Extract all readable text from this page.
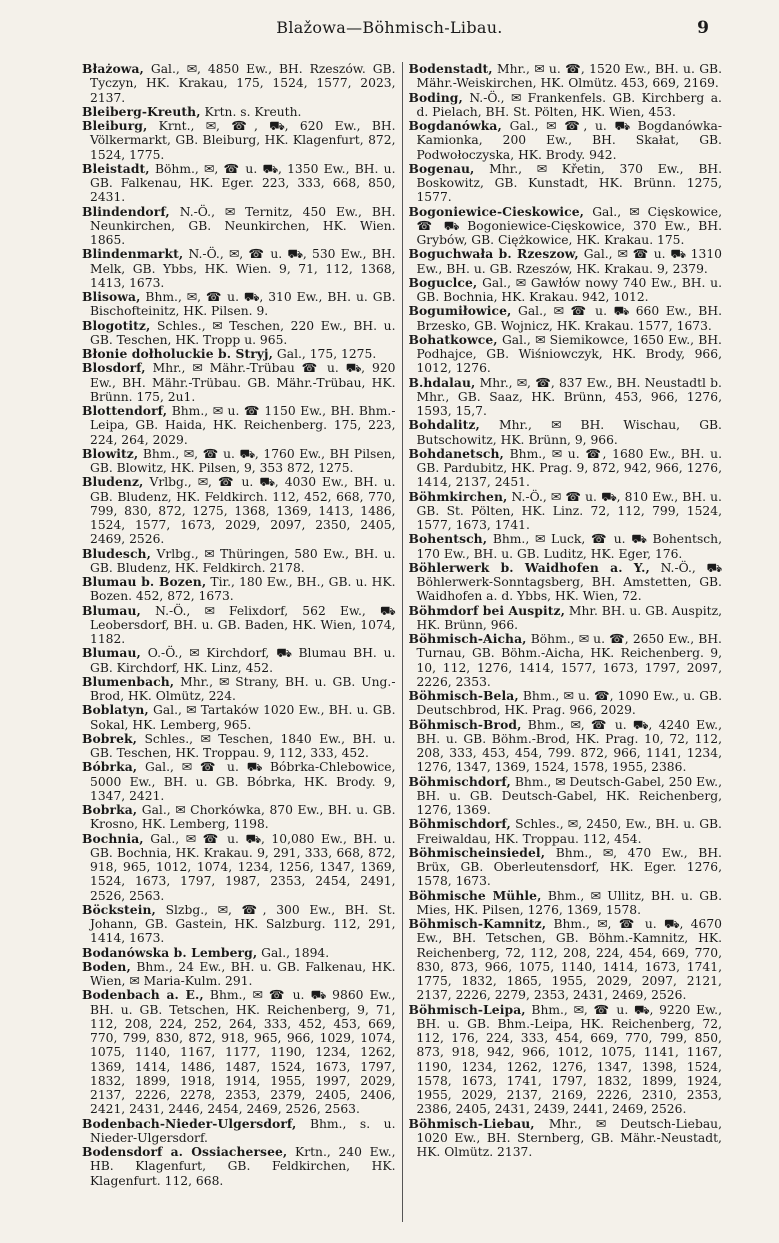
Blažowa—Böhmisch-Libau.	9

Błażowa, Gal., ✉, 4850 Ew., BH. Rzeszów. GB. Tyczyn, HK. Krakau, 175, 1524, 1577, 2023, 2137.

Bleiberg-Kreuth, Krtn. s. Kreuth.

Bleiburg, Krnt., ✉, ☎, ⛟, 620 Ew., BH. Völkermarkt, GB. Bleiburg, HK. Klagenfurt, 872, 1524, 1775.

Bleistadt, Böhm., ✉, ☎ u. ⛟, 1350 Ew., BH. u. GB. Falkenau, HK. Eger. 223, 333, 668, 850, 2431.

Blindendorf, N.-Ö., ✉ Ternitz, 450 Ew., BH. Neunkirchen, GB. Neunkirchen, HK. Wien. 1865.

Blindenmarkt, N.-Ö., ✉, ☎ u. ⛟, 530 Ew., BH. Melk, GB. Ybbs, HK. Wien. 9, 71, 112, 1368, 1413, 1673.

Blisowa, Bhm., ✉, ☎ u. ⛟, 310 Ew., BH. u. GB. Bischofteinitz, HK. Pilsen. 9.

Blogotitz, Schles., ✉ Teschen, 220 Ew., BH. u. GB. Teschen, HK. Tropp u. 965.

Błonie dołholuckie b. Stryj, Gal., 175, 1275.

Blosdorf, Mhr., ✉ Mähr.-Trübau ☎ u. ⛟, 920 Ew., BH. Mähr.-Trübau. GB. Mähr.-Trübau, HK. Brünn. 175, 2u1.

Blottendorf, Bhm., ✉ u. ☎ 1150 Ew., BH. Bhm.-Leipa, GB. Haida, HK. Reichenberg. 175, 223, 224, 264, 2029.

Blowitz, Bhm., ✉, ☎ u. ⛟, 1760 Ew., BH Pilsen, GB. Blowitz, HK. Pilsen, 9, 353 872, 1275.

Bludenz, Vrlbg., ✉, ☎ u. ⛟, 4030 Ew., BH. u. GB. Bludenz, HK. Feldkirch. 112, 452, 668, 770, 799, 830, 872, 1275, 1368, 1369, 1413, 1486, 1524, 1577, 1673, 2029, 2097, 2350, 2405, 2469, 2526.

Bludesch, Vrlbg., ✉ Thüringen, 580 Ew., BH. u. GB. Bludenz, HK. Feldkirch. 2178.

Blumau b. Bozen, Tir., 180 Ew., BH., GB. u. HK. Bozen. 452, 872, 1673.

Blumau, N.-Ö., ✉ Felixdorf, 562 Ew., ⛟ Leobersdorf, BH. u. GB. Baden, HK. Wien, 1074, 1182.

Blumau, O.-Ö., ✉ Kirchdorf, ⛟ Blumau BH. u. GB. Kirchdorf, HK. Linz, 452.

Blumenbach, Mhr., ✉ Strany, BH. u. GB. Ung.-Brod, HK. Olmütz, 224.

Boblatyn, Gal., ✉ Tartaków 1020 Ew., BH. u. GB. Sokal, HK. Lemberg, 965.

Bobrek, Schles., ✉ Teschen, 1840 Ew., BH. u. GB. Teschen, HK. Troppau. 9, 112, 333, 452.

Bóbrka, Gal., ✉ ☎ u. ⛟ Bóbrka-Chlebowice, 5000 Ew., BH. u. GB. Bóbrka, HK. Brody. 9, 1347, 2421.

Bobrka, Gal., ✉ Chorkówka, 870 Ew., BH. u. GB. Krosno, HK. Lemberg, 1198.

Bochnia, Gal., ✉ ☎ u. ⛟, 10,080 Ew., BH. u. GB. Bochnia, HK. Krakau. 9, 291, 333, 668, 872, 918, 965, 1012, 1074, 1234, 1256, 1347, 1369, 1524, 1673, 1797, 1987, 2353, 2454, 2491, 2526, 2563.

Böckstein, Slzbg., ✉, ☎, 300 Ew., BH. St. Johann, GB. Gastein, HK. Salzburg. 112, 291, 1414, 1673.

Bodanówska b. Lemberg, Gal., 1894.

Boden, Bhm., 24 Ew., BH. u. GB. Falkenau, HK. Wien, ✉ Maria-Kulm. 291.

Bodenbach a. E., Bhm., ✉ ☎ u. ⛟ 9860 Ew., BH. u. GB. Tetschen, HK. Reichenberg, 9, 71, 112, 208, 224, 252, 264, 333, 452, 453, 669, 770, 799, 830, 872, 918, 965, 966, 1029, 1074, 1075, 1140, 1167, 1177, 1190, 1234, 1262, 1369, 1414, 1486, 1487, 1524, 1673, 1797, 1832, 1899, 1918, 1914, 1955, 1997, 2029, 2137, 2226, 2278, 2353, 2379, 2405, 2406, 2421, 2431, 2446, 2454, 2469, 2526, 2563.

Bodenbach-Nieder-Ulgersdorf, Bhm., s. u. Nieder-Ulgersdorf.

Bodensdorf a. Ossiachersee, Krtn., 240 Ew., HB. Klagenfurt, GB. Feldkirchen, HK. Klagenfurt. 112, 668.

Bodenstadt, Mhr., ✉ u. ☎, 1520 Ew., BH. u. GB. Mähr.-Weiskirchen, HK. Olmütz. 453, 669, 2169.

Boding, N.-Ö., ✉ Frankenfels. GB. Kirchberg a. d. Pielach, BH. St. Pölten, HK. Wien, 453.

Bogdanówka, Gal., ✉ ☎, u. ⛟ Bogdanówka-Kamionka, 200 Ew., BH. Skałat, GB. Podwołoczyska, HK. Brody. 942.

Bogenau, Mhr., ✉ Křetin, 370 Ew., BH. Boskowitz, GB. Kunstadt, HK. Brünn. 1275, 1577.

Bogoniewice-Cieskowice, Gal., ✉ Cięskowice, ☎ ⛟ Bogoniewice-Cięskowice, 370 Ew., BH. Grybów, GB. Ciężkowice, HK. Krakau. 175.

Boguchwała b. Rzeszow, Gal., ✉ ☎ u. ⛟ 1310 Ew., BH. u. GB. Rzeszów, HK. Krakau. 9, 2379.

Boguclce, Gal., ✉ Gawłów nowy 740 Ew., BH. u. GB. Bochnia, HK. Krakau. 942, 1012.

Bogumiłowice, Gal., ✉ ☎ u. ⛟ 660 Ew., BH. Brzesko, GB. Wojnicz, HK. Krakau. 1577, 1673.

Bohatkowce, Gal., ✉ Siemikowce, 1650 Ew., BH. Podhajce, GB. Wiśniowczyk, HK. Brody, 966, 1012, 1276.

B.hdalau, Mhr., ✉, ☎, 837 Ew., BH. Neustadtl b. Mhr., GB. Saaz, HK. Brünn, 453, 966, 1276, 1593, 15,7.

Bohdalitz, Mhr., ✉ BH. Wischau, GB. Butschowitz, HK. Brünn, 9, 966.

Bohdanetsch, Bhm., ✉ u. ☎, 1680 Ew., BH. u. GB. Pardubitz, HK. Prag. 9, 872, 942, 966, 1276, 1414, 2137, 2451.

Böhmkirchen, N.-Ö., ✉ ☎ u. ⛟, 810 Ew., BH. u. GB. St. Pölten, HK. Linz. 72, 112, 799, 1524, 1577, 1673, 1741.

Bohentsch, Bhm., ✉ Luck, ☎ u. ⛟ Bohentsch, 170 Ew., BH. u. GB. Luditz, HK. Eger, 176.

Böhlerwerk b. Waidhofen a. Y., N.-Ö., ⛟ Böhlerwerk-Sonntagsberg, BH. Amstetten, GB. Waidhofen a. d. Ybbs, HK. Wien, 72.

Böhmdorf bei Auspitz, Mhr. BH. u. GB. Auspitz, HK. Brünn, 966.

Böhmisch-Aicha, Böhm., ✉ u. ☎, 2650 Ew., BH. Turnau, GB. Böhm.-Aicha, HK. Reichenberg. 9, 10, 112, 1276, 1414, 1577, 1673, 1797, 2097, 2226, 2353.

Böhmisch-Bela, Bhm., ✉ u. ☎, 1090 Ew., u. GB. Deutschbrod, HK. Prag. 966, 2029.

Böhmisch-Brod, Bhm., ✉, ☎ u. ⛟, 4240 Ew., BH. u. GB. Böhm.-Brod, HK. Prag. 10, 72, 112, 208, 333, 453, 454, 799. 872, 966, 1141, 1234, 1276, 1347, 1369, 1524, 1578, 1955, 2386.

Böhmischdorf, Bhm., ✉ Deutsch-Gabel, 250 Ew., BH. u. GB. Deutsch-Gabel, HK. Reichenberg, 1276, 1369.

Böhmischdorf, Schles., ✉, 2450, Ew., BH. u. GB. Freiwaldau, HK. Troppau. 112, 454.

Böhmischeinsiedel, Bhm., ✉, 470 Ew., BH. Brüx, GB. Oberleutensdorf, HK. Eger. 1276, 1578, 1673.

Böhmische Mühle, Bhm., ✉ Ullitz, BH. u. GB. Mies, HK. Pilsen, 1276, 1369, 1578.

Böhmisch-Kamnitz, Bhm., ✉, ☎ u. ⛟, 4670 Ew., BH. Tetschen, GB. Böhm.-Kamnitz, HK. Reichenberg, 72, 112, 208, 224, 454, 669, 770, 830, 873, 966, 1075, 1140, 1414, 1673, 1741, 1775, 1832, 1865, 1955, 2029, 2097, 2121, 2137, 2226, 2279, 2353, 2431, 2469, 2526.

Böhmisch-Leipa, Bhm., ✉, ☎ u. ⛟, 9220 Ew., BH. u. GB. Bhm.-Leipa, HK. Reichenberg, 72, 112, 176, 224, 333, 454, 669, 770, 799, 850, 873, 918, 942, 966, 1012, 1075, 1141, 1167, 1190, 1234, 1262, 1276, 1347, 1398, 1524, 1578, 1673, 1741, 1797, 1832, 1899, 1924, 1955, 2029, 2137, 2169, 2226, 2310, 2353, 2386, 2405, 2431, 2439, 2441, 2469, 2526.

Böhmisch-Liebau, Mhr., ✉ Deutsch-Liebau, 1020 Ew., BH. Sternberg, GB. Mähr.-Neustadt, HK. Olmütz. 2137.
